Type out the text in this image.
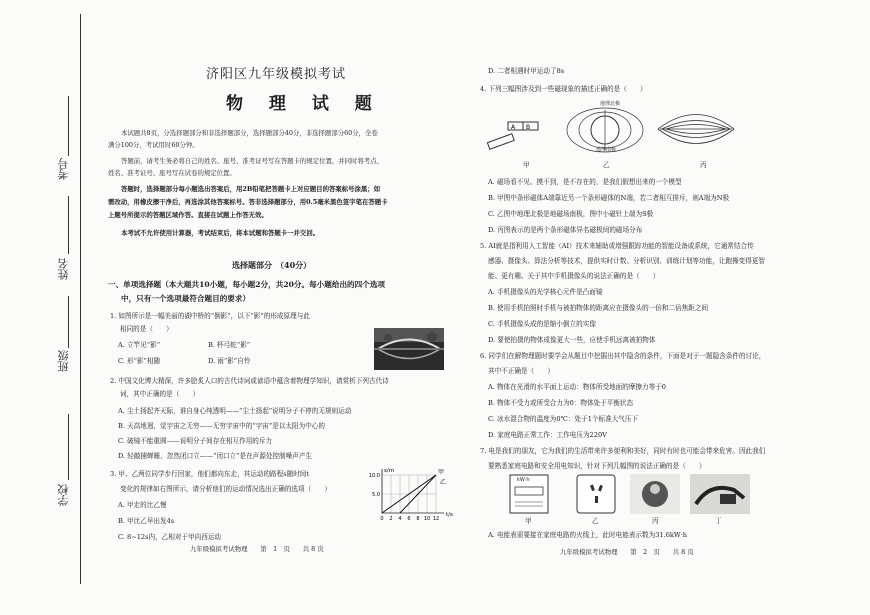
考号
姓名
班级
学校
济阳区九年级模拟考试
物 理 试 题
本试题共8页，分选择题部分和非选择题部分，选择题部分40分，非选择题部分60分，全卷
满分100分，考试用时60分钟。
答题前，请考生务必将自己的姓名、座号、准考证号写在答题卡的规定位置，并同时将考点、
姓名、准考证号、座号写在试卷的规定位置。
答题时，选择题部分每小题选出答案后，用2B铅笔把答题卡上对应题目的答案标号涂黑；如
需改动，用橡皮擦干净后，再选涂其他答案标号。答非选择题部分，用0.5毫米黑色签字笔在答题卡
上题号所提示的答题区域作答。直接在试题上作答无效。
本考试不允许使用计算器，考试结束后，将本试题和答题卡一并交回。
选择题部分　（40分）
一、单项选择题（本大题共10小题，每小题2分，共20分。每小题给出的四个选项
中，只有一个选项最符合题目的要求）
1. 如图所示是一幅美丽的湖中桥的“倒影”，以下“影”的形成原理与此
相同的是（　　）
A. 立竿见“影”	B. 杯弓蛇“影”
C. 形“影”相随	D. 雨“影”自怜
2. 中国文化博大精深，许多脍炙人口的古代诗词或谚语中蕴含着物理学知识，请赏析下列古代诗
词，其中正确的是（　　）
A. 尘土扬起齐天际，谁自身心纯透明——“尘土扬起”说明分子不停的无规则运动
B. 天高地迥，觉宇宙之无穷——无穷宇宙中的“宇宙”是以太阳为中心的
C. 破镜不能重圆——说明分子间存在相互作用的斥力
D. 轻敲捕蝉睡，忽然闭口立——“闭口立”是在声源处控制噪声产生
3. 甲、乙两位同学步行回家，他们都向东走，其运动的路程s随时间t
变化的规律如右图所示，请分析他们的运动情况选出正确的选项（　　）
A. 甲走的比乙慢
B. 甲比乙早出发4s
C. 8~12s内，乙相对于甲向西运动
t/s
s/m	甲
乙
0 2 4 6 8 10 12
5.0
10.0
九年级模拟考试物理　　第　1　页　　共 8 页
D. 二者相遇时甲运动了8s
4. 下列三幅图涉及到一些磁现象的描述正确的是（　　）
A B
甲
地理北极
地理南极
乙	丙
A. 磁场看不见、摸不到，是不存在的，是我们假想出来的一个模型
B. 甲图中条形磁体A端靠近另一个条形磁体的N端，若二者相互排斥，则A端为N极
C. 乙图中地理北极是地磁场南极，图中小磁针上端为S极
D. 丙图表示的是两个条形磁体异名磁极间的磁场分布
5. AI就是指利用人工智能（AI）技术来辅助或增强跟踪功能的智能设备或系统，它通常结合传
感器、摄像头、算法分析等技术，提供实时计数、分析识别、训练计划等功能，让跑操变得更智
能、更有趣。关于其中手机摄像头的说法正确的是（　　）
A. 手机摄像头的光学核心元件是凸面镜
B. 使用手机拍照时手机与被拍物体的距离应在摄像头的一倍和二倍焦距之间
C. 手机摄像头成的是缩小倒立的实像
D. 要使拍摄的物体成像更大一些，应使手机远离被拍物体
6. 同学们在解物理题时要学会从题目中挖掘出其中隐含的条件，下面是对于一题隐含条件的讨论，
其中不正确是（　　）
A. 物体在光滑的水平面上运动：物体所受地面的摩擦力等于0
B. 物体不受力或所受合力为0：物体处于平衡状态
C. 冰水混合物的温度为0℃：处于1个标准大气压下
D. 家庭电路正常工作：工作电压为220V
7. 电是我们的朋友，它为我们的生活带来许多便利和美好，同时有时也可能会带来危害。因此我们
要熟悉家庭电路和安全用电知识，针对下列几幅图的说法正确的是（　　）
kW·h
甲	乙	丙	丁
A. 电能表需要接在家庭电路的火线上，此时电能表示数为31.6kW·h
九年级模拟考试物理　　第　2　页　　共 8 页
